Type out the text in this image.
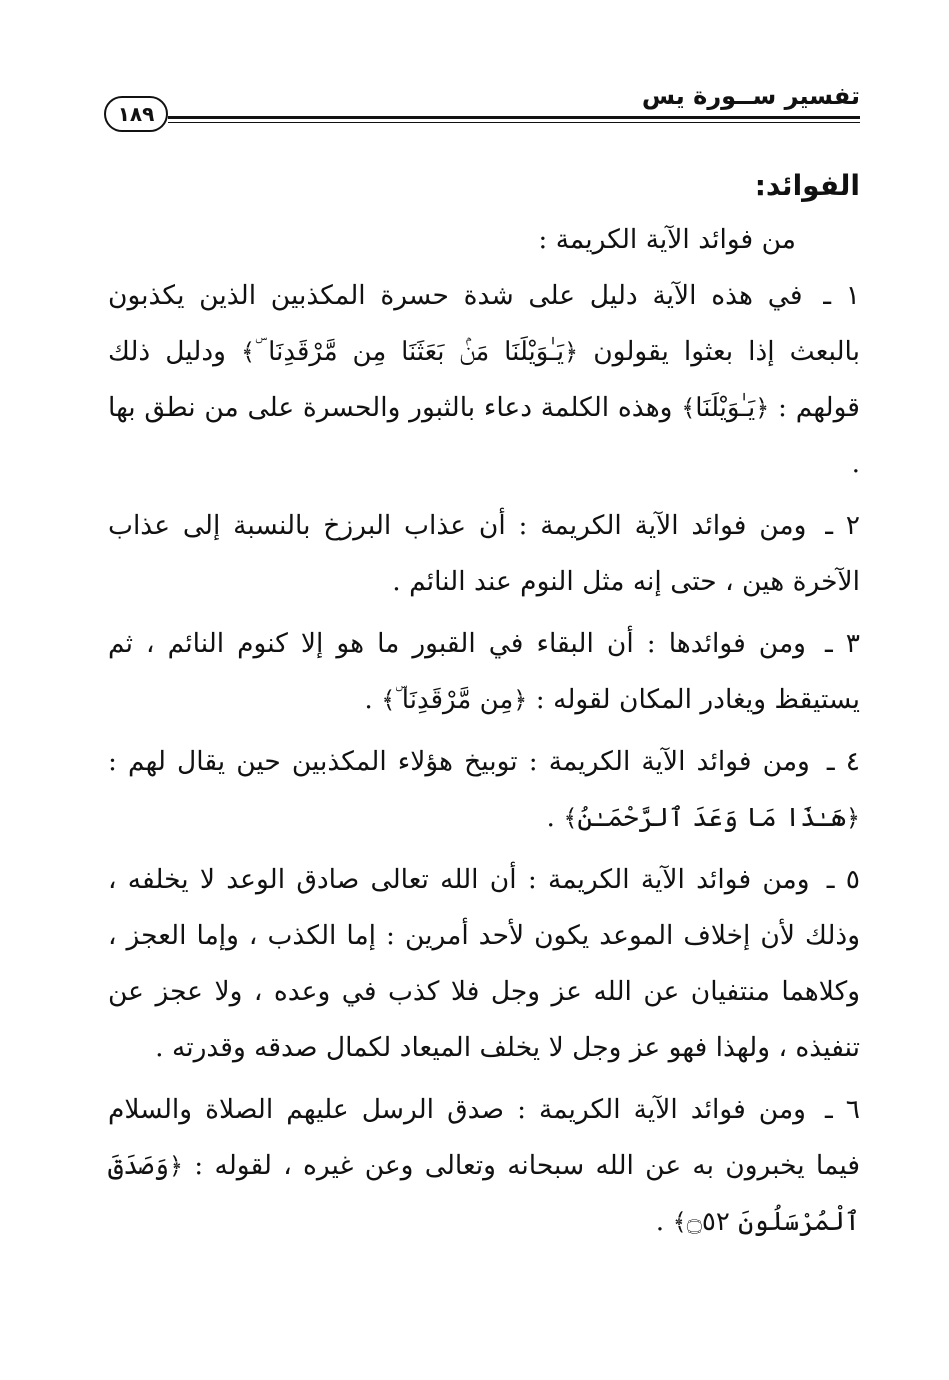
تفسير ســورة يس
١٨٩

الفوائد:

من فوائد الآية الكريمة :

١ ـ في هذه الآية دليل على شدة حسرة المكذبين الذين يكذبون بالبعث إذا بعثوا يقولون ﴿يَـٰوَيْلَنَا مَنۢ بَعَثَنَا مِن مَّرْقَدِنَا ۜ﴾ ودليل ذلك قولهم : ﴿يَـٰوَيْلَنَا﴾ وهذه الكلمة دعاء بالثبور والحسرة على من نطق بها .

٢ ـ ومن فوائد الآية الكريمة : أن عذاب البرزخ بالنسبة إلى عذاب الآخرة هين ، حتى إنه مثل النوم عند النائم .

٣ ـ ومن فوائدها : أن البقاء في القبور ما هو إلا كنوم النائم ، ثم يستيقظ ويغادر المكان لقوله : ﴿مِن مَّرْقَدِنَا ۜ﴾ .

٤ ـ ومن فوائد الآية الكريمة : توبيخ هؤلاء المكذبين حين يقال لهم : ﴿هَـٰذَا مَا وَعَدَ ٱلرَّحْمَـٰنُ﴾ .

٥ ـ ومن فوائد الآية الكريمة : أن الله تعالى صادق الوعد لا يخلفه ، وذلك لأن إخلاف الموعد يكون لأحد أمرين : إما الكذب ، وإما العجز ، وكلاهما منتفيان عن الله عز وجل فلا كذب في وعده ، ولا عجز عن تنفيذه ، ولهذا فهو عز وجل لا يخلف الميعاد لكمال صدقه وقدرته .

٦ ـ ومن فوائد الآية الكريمة : صدق الرسل عليهم الصلاة والسلام فيما يخبرون به عن الله سبحانه وتعالى وعن غيره ، لقوله : ﴿وَصَدَقَ ٱلْمُرْسَلُونَ ۝٥٢﴾ .
